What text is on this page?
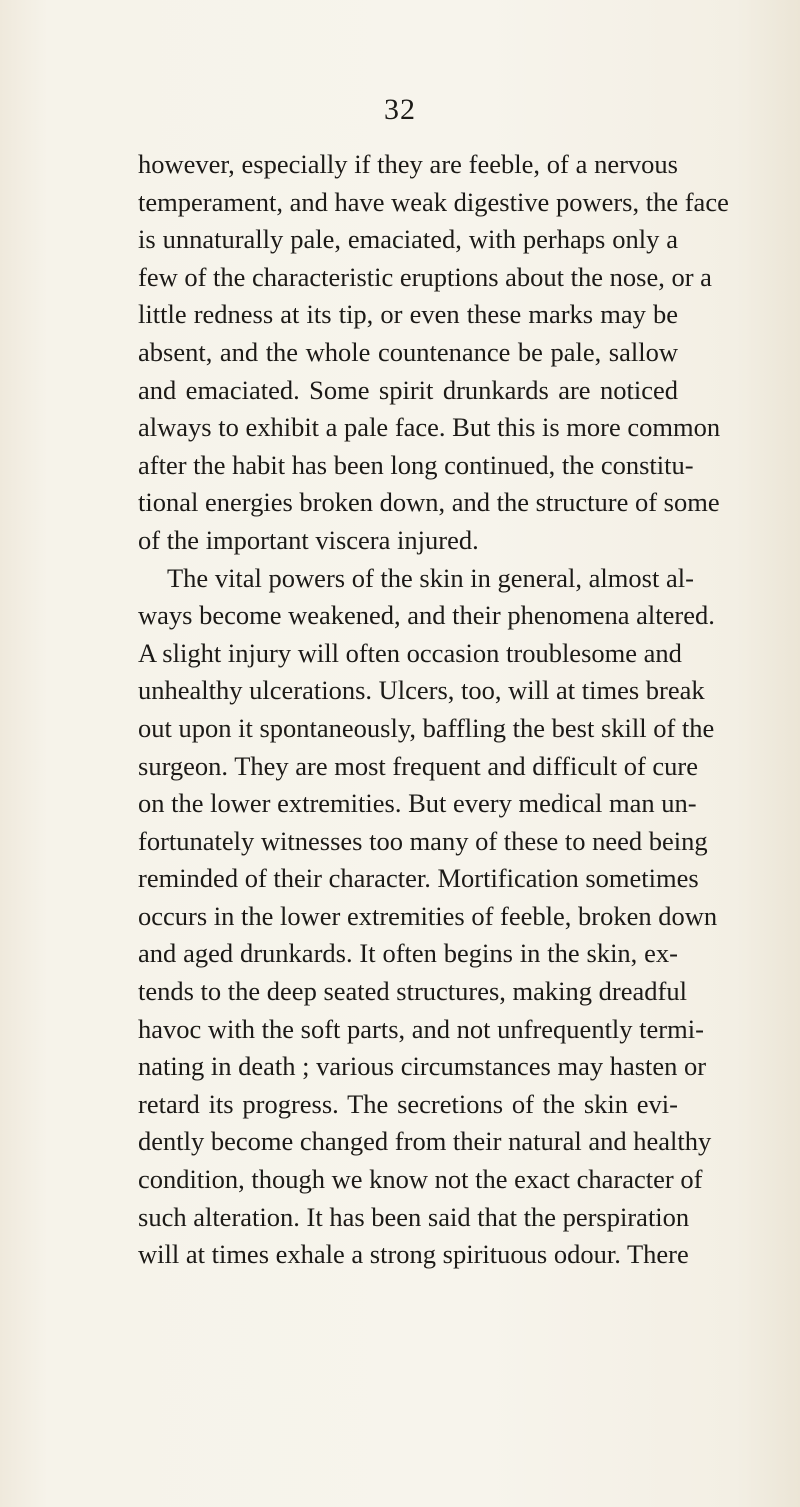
32
however, especially if they are feeble, of a nervous
temperament, and have weak digestive powers, the face
is unnaturally pale, emaciated, with perhaps only a
few of the characteristic eruptions about the nose, or a
little redness at its tip, or even these marks may be
absent, and the whole countenance be pale, sallow
and emaciated. Some spirit drunkards are noticed
always to exhibit a pale face. But this is more common
after the habit has been long continued, the constitu-
tional energies broken down, and the structure of some
of the important viscera injured.
The vital powers of the skin in general, almost al-
ways become weakened, and their phenomena altered.
A slight injury will often occasion troublesome and
unhealthy ulcerations. Ulcers, too, will at times break
out upon it spontaneously, baffling the best skill of the
surgeon. They are most frequent and difficult of cure
on the lower extremities. But every medical man un-
fortunately witnesses too many of these to need being
reminded of their character. Mortification sometimes
occurs in the lower extremities of feeble, broken down
and aged drunkards. It often begins in the skin, ex-
tends to the deep seated structures, making dreadful
havoc with the soft parts, and not unfrequently termi-
nating in death ; various circumstances may hasten or
retard its progress. The secretions of the skin evi-
dently become changed from their natural and healthy
condition, though we know not the exact character of
such alteration. It has been said that the perspiration
will at times exhale a strong spirituous odour. There
